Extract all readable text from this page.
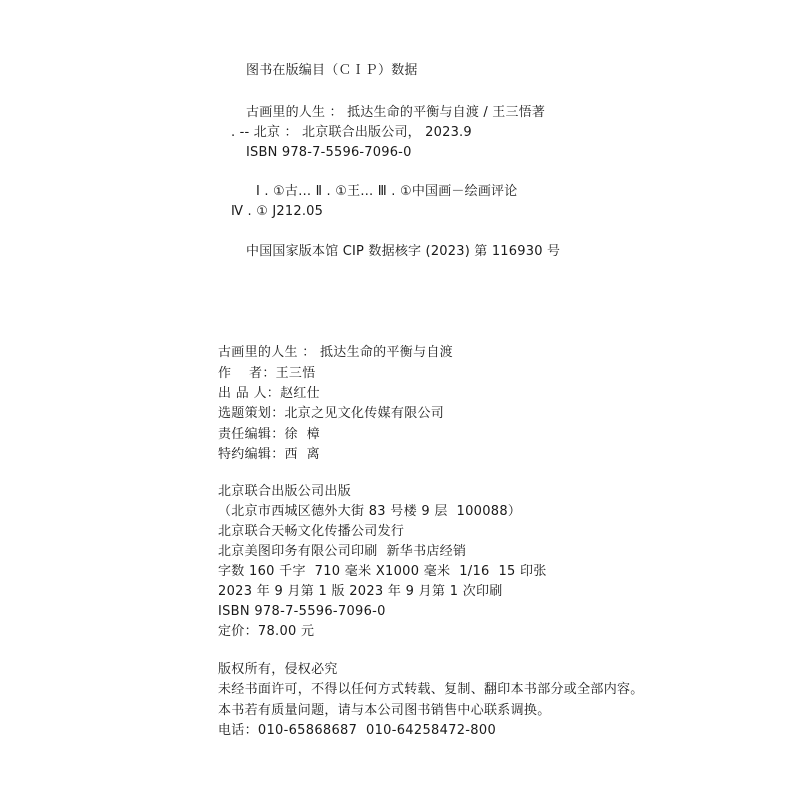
图书在版编目（ＣＩＰ）数据
古画里的人生 ： 抵达生命的平衡与自渡 / 王三悟著
. -- 北京 ： 北京联合出版公司， 2023.9
ISBN 978-7-5596-7096-0
Ⅰ . ①古… Ⅱ . ①王… Ⅲ . ①中国画－绘画评论
Ⅳ . ① J212.05
中国国家版本馆 CIP 数据核字 (2023) 第 116930 号
古画里的人生 ： 抵达生命的平衡与自渡
作    者：王三悟
出 品 人：赵红仕
选题策划：北京之见文化传媒有限公司
责任编辑：徐  樟
特约编辑：西  离
北京联合出版公司出版
（北京市西城区德外大街 83 号楼 9 层  100088）
北京联合天畅文化传播公司发行
北京美图印务有限公司印刷  新华书店经销
字数 160 千字  710 毫米 X1000 毫米  1/16  15 印张
2023 年 9 月第 1 版 2023 年 9 月第 1 次印刷
ISBN 978-7-5596-7096-0
定价：78.00 元
版权所有，侵权必究
未经书面许可，不得以任何方式转载、复制、翻印本书部分或全部内容。
本书若有质量问题，请与本公司图书销售中心联系调换。
电话：010-65868687  010-64258472-800
